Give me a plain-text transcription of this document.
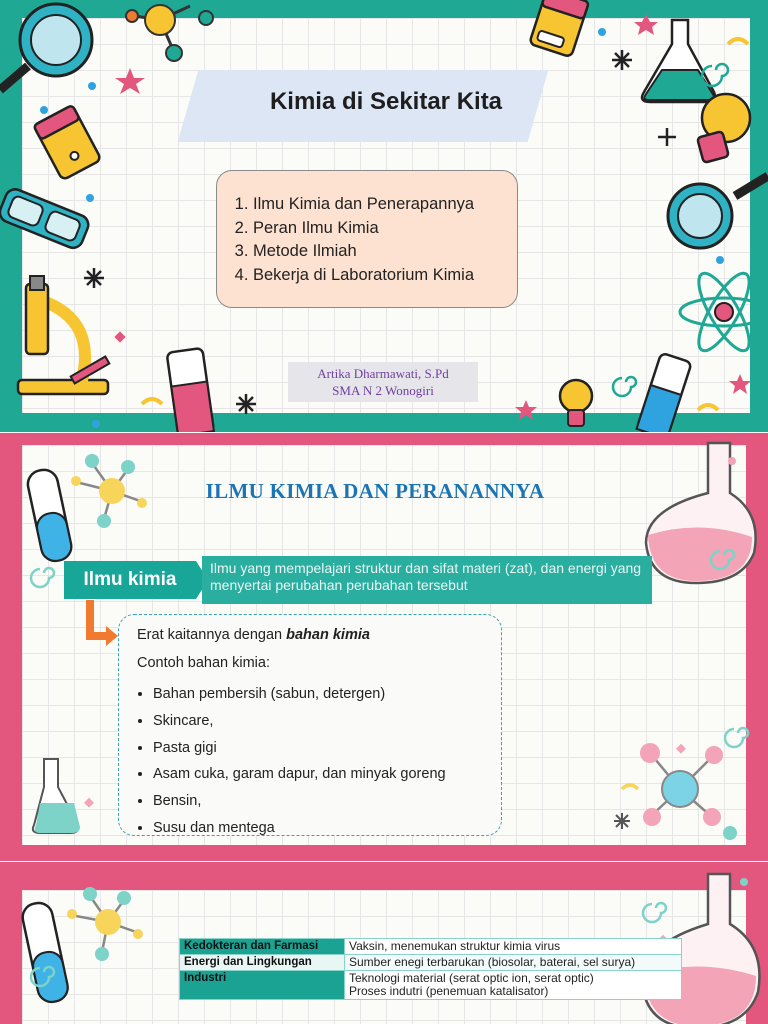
Kimia di Sekitar Kita
1. Ilmu Kimia dan Penerapannya
2. Peran Ilmu Kimia
3. Metode Ilmiah
4. Bekerja di Laboratorium Kimia
Artika Dharmawati, S.Pd
SMA N 2 Wonogiri
ILMU KIMIA DAN PERANANNYA
Ilmu kimia
Ilmu yang mempelajari struktur dan sifat materi (zat), dan energi yang menyertai perubahan perubahan tersebut
Erat kaitannya dengan bahan kimia
Contoh bahan kimia:
• Bahan pembersih (sabun, detergen)
• Skincare,
• Pasta gigi
• Asam cuka, garam dapur, dan minyak goreng
• Bensin,
• Susu dan mentega
Kedokteran dan Farmasi	Vaksin, menemukan struktur kimia virus
Energi dan Lingkungan	Sumber enegi terbarukan (biosolar, baterai, sel surya)
Industri	Teknologi material (serat optic ion, serat optic)
Proses indutri (penemuan katalisator)
